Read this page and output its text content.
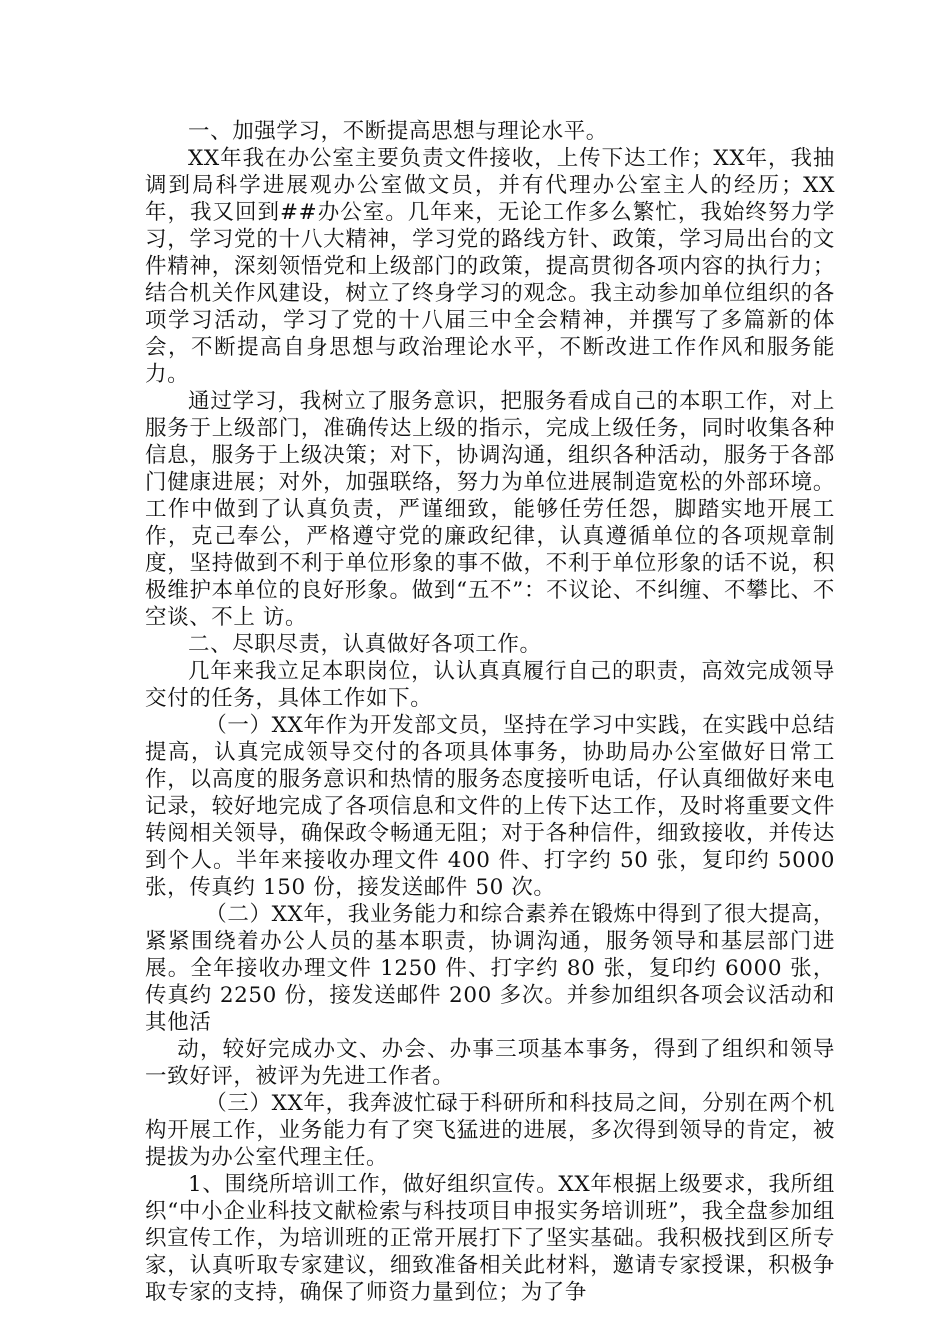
一、加强学习，不断提高思想与理论水平。

XX年我在办公室主要负责文件接收，上传下达工作；XX年，我抽调到局科学进展观办公室做文员，并有代理办公室主人的经历；XX年，我又回到##办公室。几年来，无论工作多么繁忙，我始终努力学习，学习党的十八大精神，学习党的路线方针、政策，学习局出台的文件精神，深刻领悟党和上级部门的政策，提高贯彻各项内容的执行力；结合机关作风建设，树立了终身学习的观念。我主动参加单位组织的各项学习活动，学习了党的十八届三中全会精神，并撰写了多篇新的体会，不断提高自身思想与政治理论水平，不断改进工作作风和服务能力。

通过学习，我树立了服务意识，把服务看成自己的本职工作，对上服务于上级部门，准确传达上级的指示，完成上级任务，同时收集各种信息，服务于上级决策；对下，协调沟通，组织各种活动，服务于各部门健康进展；对外，加强联络，努力为单位进展制造宽松的外部环境。工作中做到了认真负责，严谨细致，能够任劳任怨，脚踏实地开展工作，克己奉公，严格遵守党的廉政纪律，认真遵循单位的各项规章制度，坚持做到不利于单位形象的事不做，不利于单位形象的话不说，积极维护本单位的良好形象。做到“五不”：不议论、不纠缠、不攀比、不空谈、不上 访。

二、尽职尽责，认真做好各项工作。

几年来我立足本职岗位，认认真真履行自己的职责，高效完成领导交付的任务，具体工作如下。

（一）XX年作为开发部文员，坚持在学习中实践，在实践中总结提高，认真完成领导交付的各项具体事务，协助局办公室做好日常工作，以高度的服务意识和热情的服务态度接听电话，仔认真细做好来电记录，较好地完成了各项信息和文件的上传下达工作，及时将重要文件转阅相关领导，确保政令畅通无阻；对于各种信件，细致接收，并传达到个人。半年来接收办理文件 400 件、打字约 50 张，复印约 5000 张，传真约 150 份，接发送邮件 50 次。

（二）XX年，我业务能力和综合素养在锻炼中得到了很大提高，紧紧围绕着办公人员的基本职责，协调沟通，服务领导和基层部门进展。全年接收办理文件 1250 件、打字约 80 张，复印约 6000 张，传真约 2250 份，接发送邮件 200 多次。并参加组织各项会议活动和其他活

动，较好完成办文、办会、办事三项基本事务，得到了组织和领导一致好评，被评为先进工作者。

（三）XX年，我奔波忙碌于科研所和科技局之间，分别在两个机构开展工作，业务能力有了突飞猛进的进展，多次得到领导的肯定，被提拔为办公室代理主任。

1、围绕所培训工作，做好组织宣传。XX年根据上级要求，我所组织“中小企业科技文献检索与科技项目申报实务培训班”，我全盘参加组织宣传工作，为培训班的正常开展打下了坚实基础。我积极找到区所专家，认真听取专家建议，细致准备相关此材料，邀请专家授课，积极争取专家的支持，确保了师资力量到位；为了争
